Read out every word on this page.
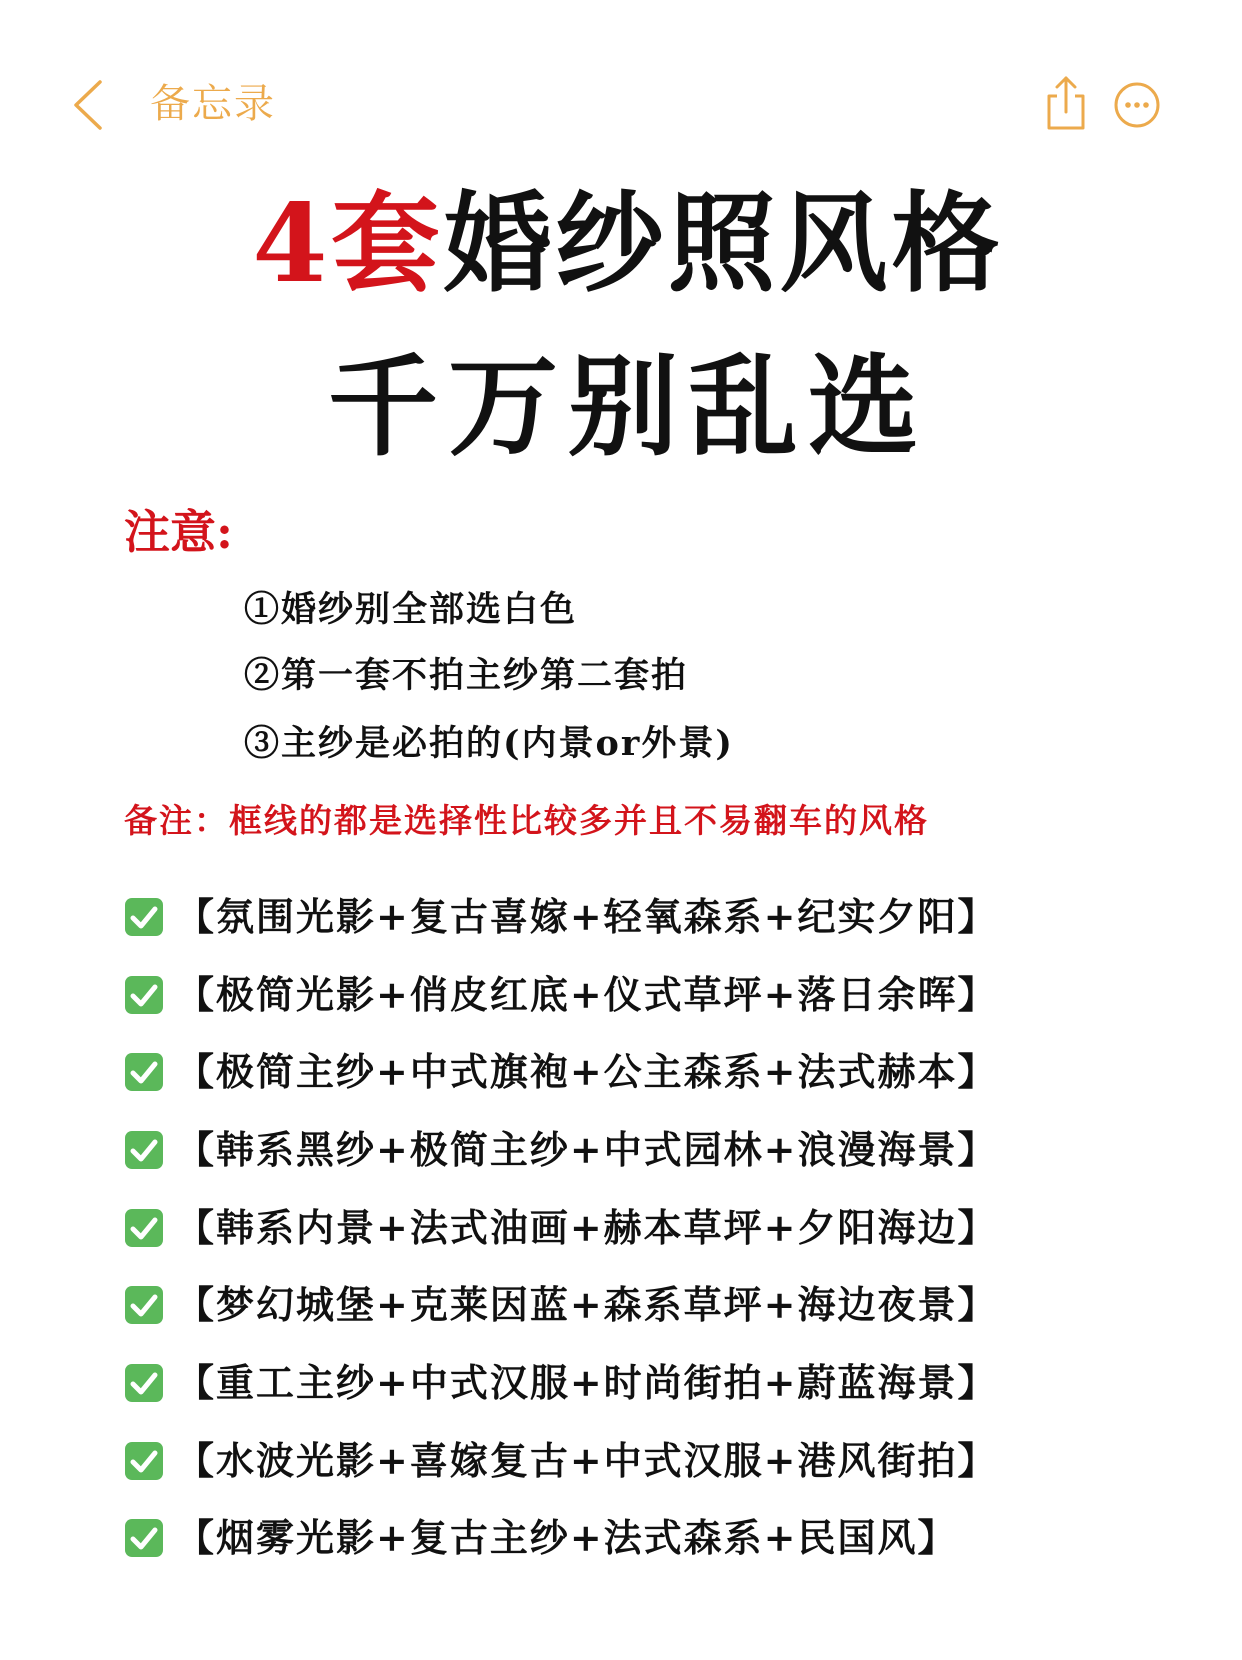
备忘录
4套婚纱照风格
千万别乱选
注意:
①婚纱别全部选白色
②第一套不拍主纱第二套拍
③主纱是必拍的(内景or外景)
备注：框线的都是选择性比较多并且不易翻车的风格
【氛围光影+复古喜嫁+轻氧森系+纪实夕阳】
【极简光影+俏皮红底+仪式草坪+落日余晖】
【极简主纱+中式旗袍+公主森系+法式赫本】
【韩系黑纱+极简主纱+中式园林+浪漫海景】
【韩系内景+法式油画+赫本草坪+夕阳海边】
【梦幻城堡+克莱因蓝+森系草坪+海边夜景】
【重工主纱+中式汉服+时尚街拍+蔚蓝海景】
【水波光影+喜嫁复古+中式汉服+港风街拍】
【烟雾光影+复古主纱+法式森系+民国风】
